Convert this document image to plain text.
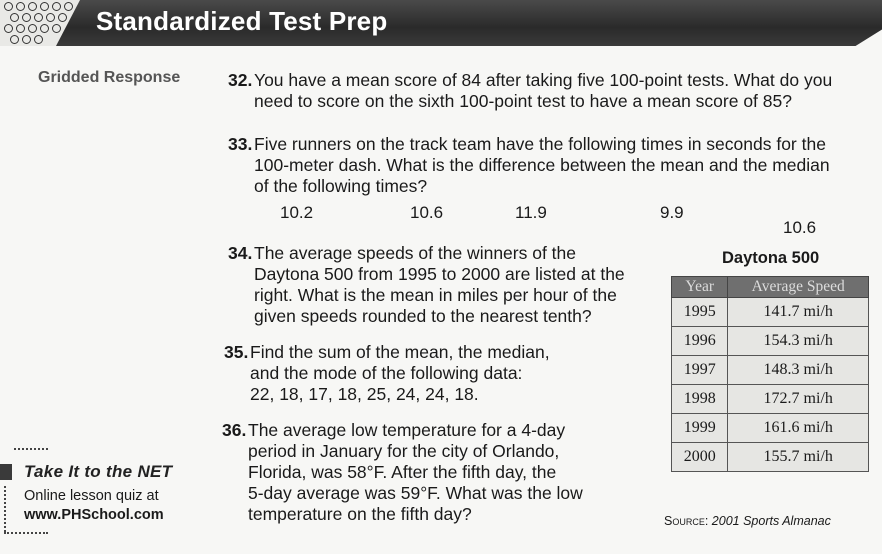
Standardized Test Prep
Gridded Response	32. You have a mean score of 84 after taking five 100-point tests. What do you
need to score on the sixth 100-point test to have a mean score of 85?
33. Five runners on the track team have the following times in seconds for the
100-meter dash. What is the difference between the mean and the median
of the following times?
10.2	10.6	11.9	9.9
10.6
34. The average speeds of the winners of the
Daytona 500 from 1995 to 2000 are listed at the
right. What is the mean in miles per hour of the
given speeds rounded to the nearest tenth?
35. Find the sum of the mean, the median,
and the mode of the following data:
22, 18, 17, 18, 25, 24, 24, 18.
36. The average low temperature for a 4-day
period in January for the city of Orlando,
Florida, was 58°F. After the fifth day, the
5-day average was 59°F. What was the low
temperature on the fifth day?
Daytona 500
Year	Average Speed
1995	141.7 mi/h
1996	154.3 mi/h
1997	148.3 mi/h
1998	172.7 mi/h
1999	161.6 mi/h
2000	155.7 mi/h
Source: 2001 Sports Almanac
Take It to the NET
Online lesson quiz at
www.PHSchool.com
